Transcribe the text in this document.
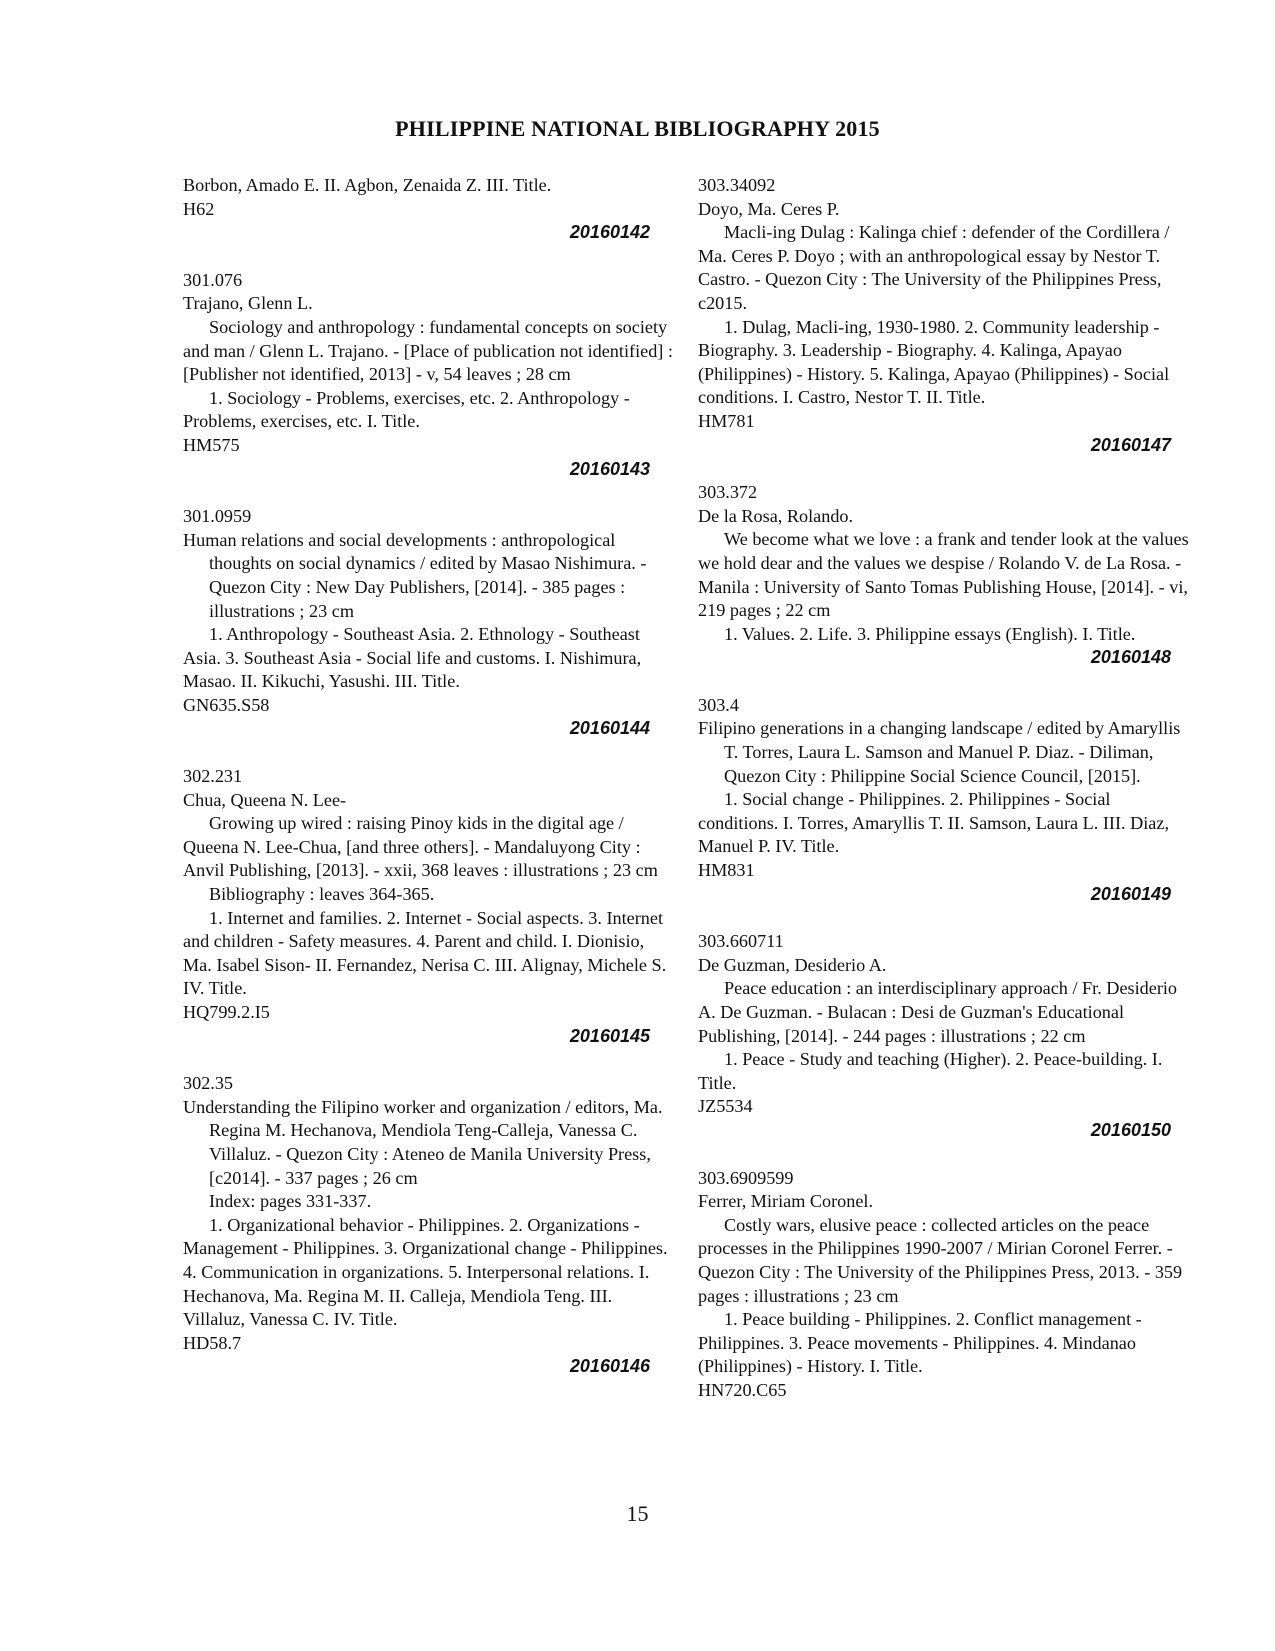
PHILIPPINE NATIONAL BIBLIOGRAPHY 2015

Borbon, Amado E. II. Agbon, Zenaida Z. III. Title.

H62

20160142

301.076

Trajano, Glenn L.

Sociology and anthropology : fundamental concepts on society and man / Glenn L. Trajano. - [Place of publication not identified] : [Publisher not identified, 2013] - v, 54 leaves ; 28 cm

1. Sociology - Problems, exercises, etc. 2. Anthropology - Problems, exercises, etc. I. Title.

HM575

20160143

301.0959

Human relations and social developments : anthropological thoughts on social dynamics / edited by Masao Nishimura. - Quezon City : New Day Publishers, [2014]. - 385 pages : illustrations ; 23 cm

1. Anthropology - Southeast Asia. 2. Ethnology - Southeast Asia. 3. Southeast Asia - Social life and customs. I. Nishimura, Masao. II. Kikuchi, Yasushi. III. Title.

GN635.S58

20160144

302.231

Chua, Queena N. Lee-

Growing up wired : raising Pinoy kids in the digital age / Queena N. Lee-Chua, [and three others]. - Mandaluyong City : Anvil Publishing, [2013]. - xxii, 368 leaves : illustrations ; 23 cm

Bibliography : leaves 364-365.

1. Internet and families. 2. Internet - Social aspects. 3. Internet and children - Safety measures. 4. Parent and child. I. Dionisio, Ma. Isabel Sison- II. Fernandez, Nerisa C. III. Alignay, Michele S. IV. Title.

HQ799.2.I5

20160145

302.35

Understanding the Filipino worker and organization / editors, Ma. Regina M. Hechanova, Mendiola Teng-Calleja, Vanessa C. Villaluz. - Quezon City : Ateneo de Manila University Press, [c2014]. - 337 pages ; 26 cm

Index: pages 331-337.

1. Organizational behavior - Philippines. 2. Organizations - Management - Philippines. 3. Organizational change - Philippines. 4. Communication in organizations. 5. Interpersonal relations. I. Hechanova, Ma. Regina M. II. Calleja, Mendiola Teng. III. Villaluz, Vanessa C. IV. Title.

HD58.7

20160146

303.34092

Doyo, Ma. Ceres P.

Macli-ing Dulag : Kalinga chief : defender of the Cordillera / Ma. Ceres P. Doyo ; with an anthropological essay by Nestor T. Castro. - Quezon City : The University of the Philippines Press, c2015.

1. Dulag, Macli-ing, 1930-1980. 2. Community leadership - Biography. 3. Leadership - Biography. 4. Kalinga, Apayao (Philippines) - History. 5. Kalinga, Apayao (Philippines) - Social conditions. I. Castro, Nestor T. II. Title.

HM781

20160147

303.372

De la Rosa, Rolando.

We become what we love : a frank and tender look at the values we hold dear and the values we despise / Rolando V. de La Rosa. - Manila : University of Santo Tomas Publishing House, [2014]. - vi, 219 pages ; 22 cm

1. Values. 2. Life. 3. Philippine essays (English). I. Title.

20160148

303.4

Filipino generations in a changing landscape / edited by Amaryllis T. Torres, Laura L. Samson and Manuel P. Diaz. - Diliman, Quezon City : Philippine Social Science Council, [2015].

1. Social change - Philippines. 2. Philippines - Social conditions. I. Torres, Amaryllis T. II. Samson, Laura L. III. Diaz, Manuel P. IV. Title.

HM831

20160149

303.660711

De Guzman, Desiderio A.

Peace education : an interdisciplinary approach / Fr. Desiderio A. De Guzman. - Bulacan : Desi de Guzman's Educational Publishing, [2014]. - 244 pages : illustrations ; 22 cm

1. Peace - Study and teaching (Higher). 2. Peace-building. I. Title.

JZ5534

20160150

303.6909599

Ferrer, Miriam Coronel.

Costly wars, elusive peace : collected articles on the peace processes in the Philippines 1990-2007 / Mirian Coronel Ferrer. - Quezon City : The University of the Philippines Press, 2013. - 359 pages : illustrations ; 23 cm

1. Peace building - Philippines. 2. Conflict management - Philippines. 3. Peace movements - Philippines. 4. Mindanao (Philippines) - History. I. Title.

HN720.C65

15
